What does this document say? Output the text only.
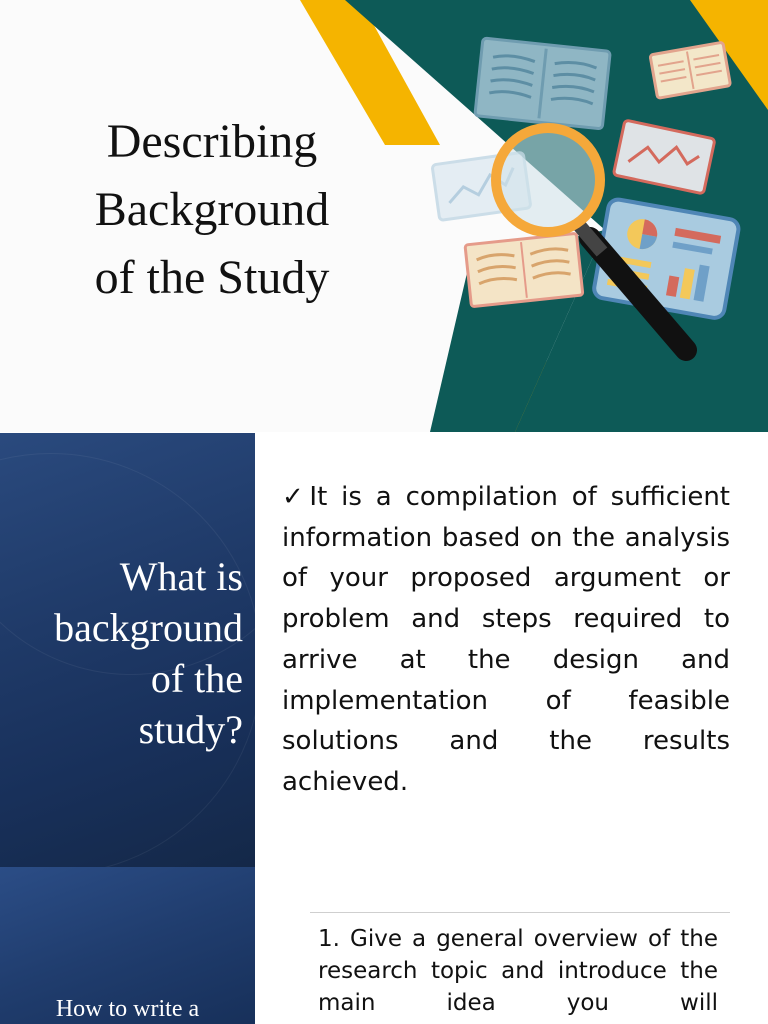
Describing
Background
of the Study
What is
background
of the
study?
✓It is a compilation of sufficient information based on the analysis of your proposed argument or problem and steps required to arrive at the design and implementation of feasible solutions and the results achieved.
How to write a
1. Give a general overview of the research topic and introduce the main idea you will
